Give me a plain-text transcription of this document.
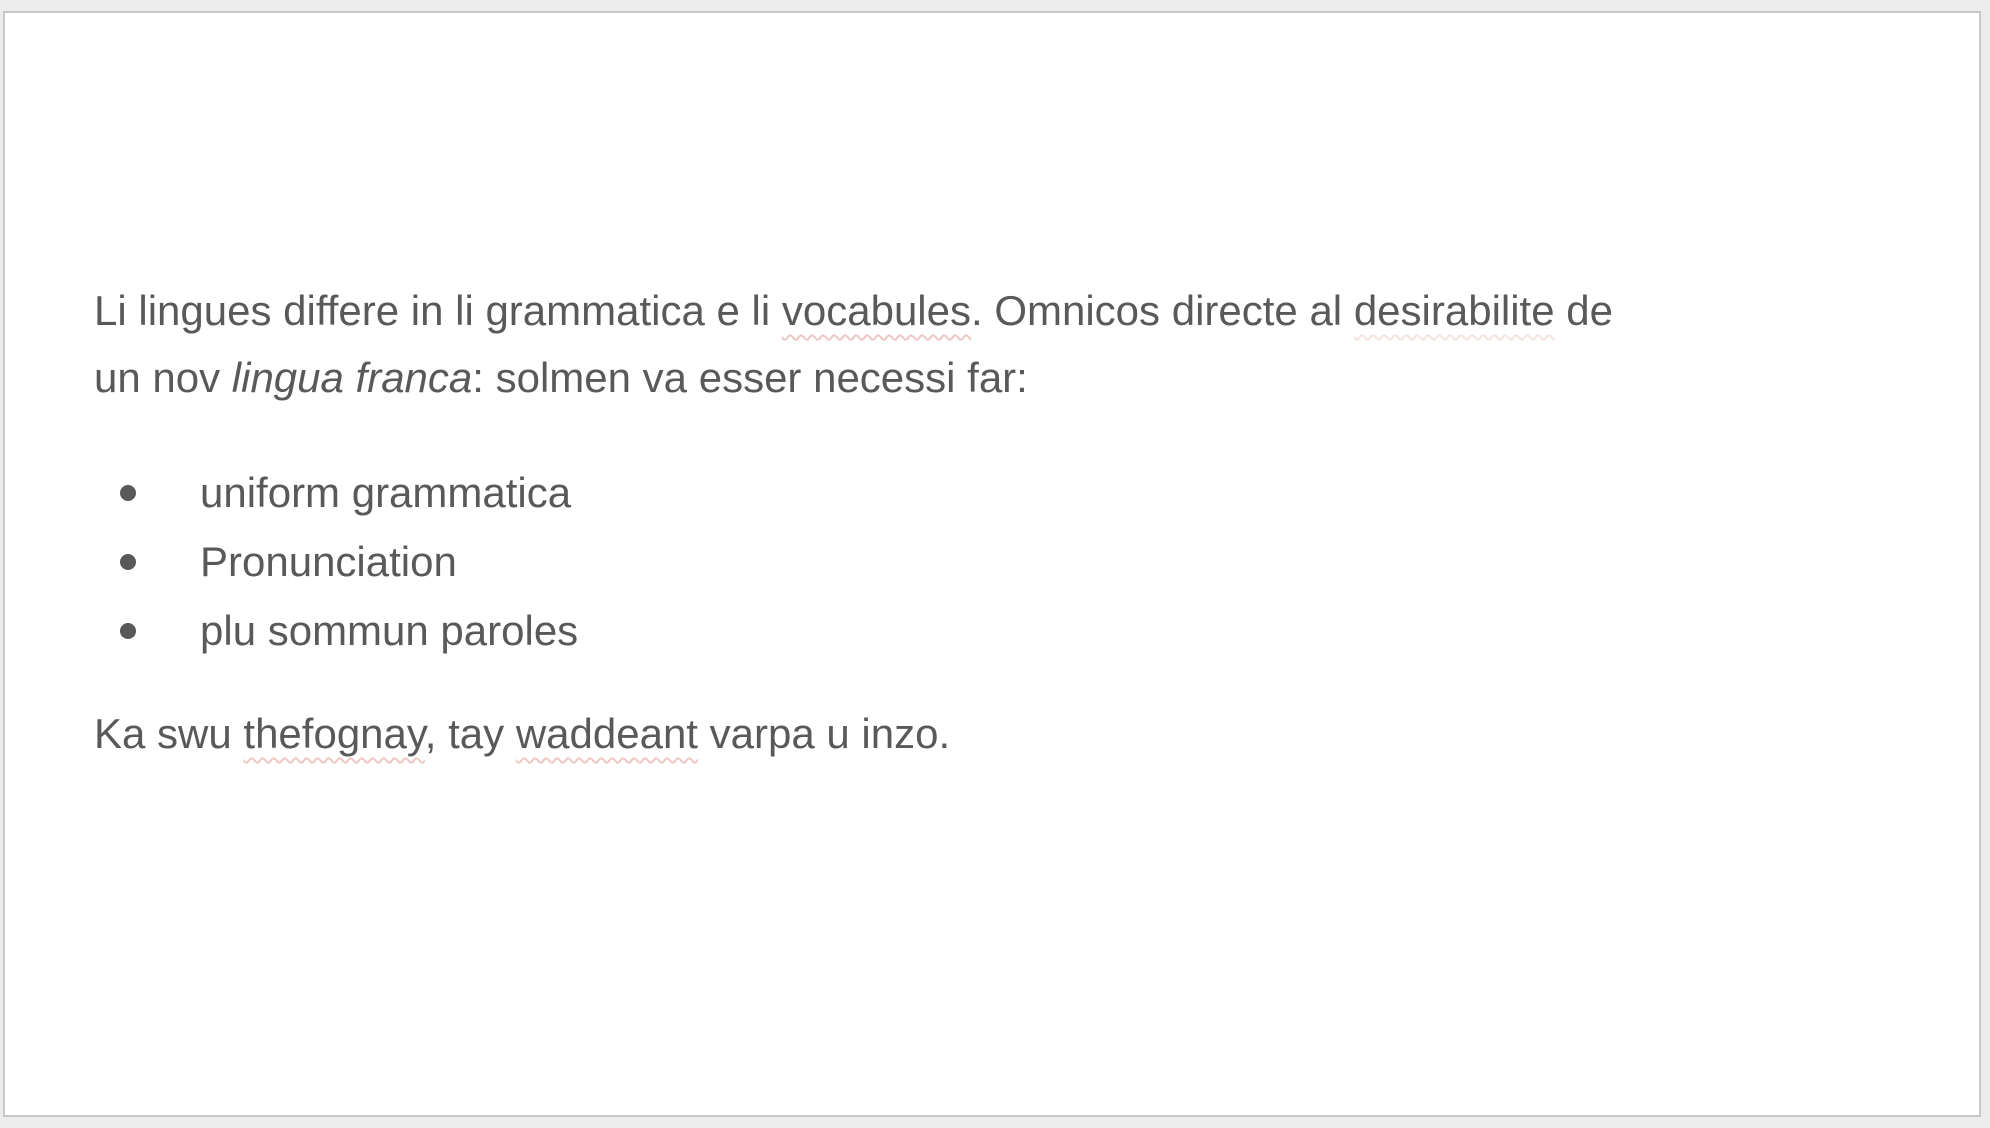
Li lingues differe in li grammatica e li vocabules. Omnicos directe al desirabilite de
un nov lingua franca: solmen va esser necessi far:

uniform grammatica
Pronunciation
plu sommun paroles

Ka swu thefognay, tay waddeant varpa u inzo.
